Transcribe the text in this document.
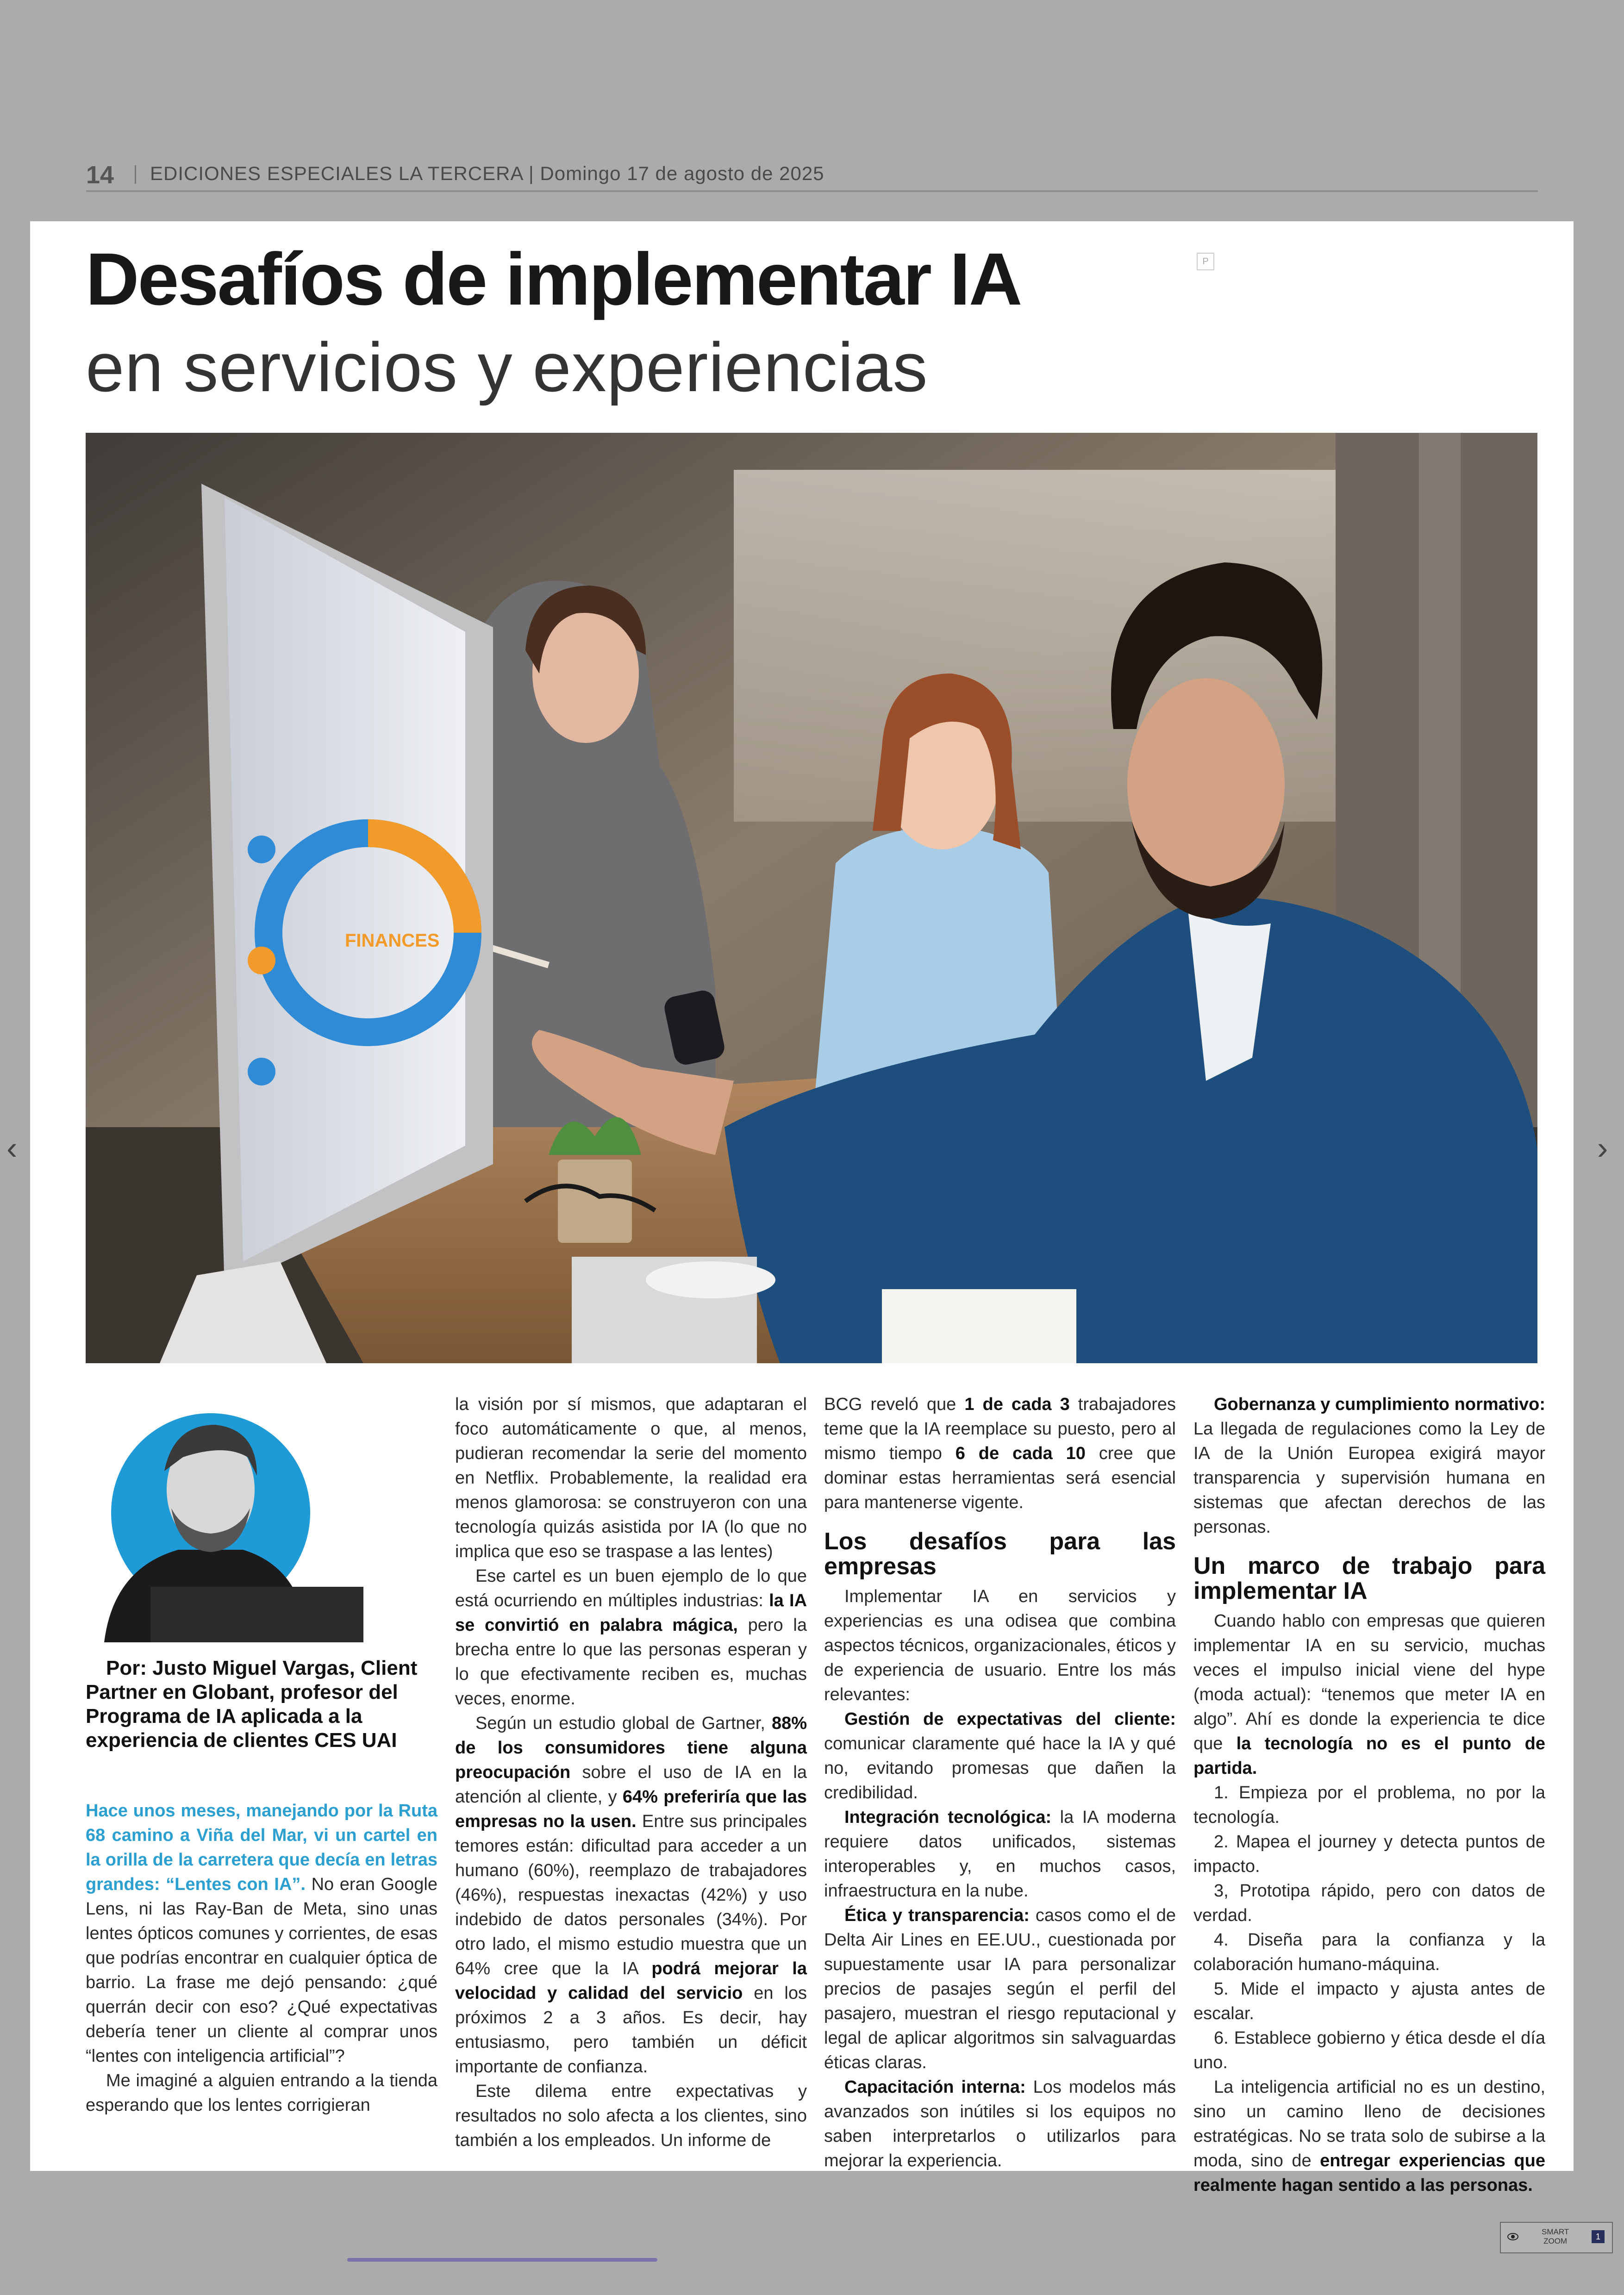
14 EDICIONES ESPECIALES LA TERCERA | Domingo 17 de agosto de 2025
‹	›
Desafíos de implementar IA
en servicios y experiencias
P
FINANCES

Por: Justo Miguel Vargas, Client Partner en Globant, profesor del Programa de IA aplicada a la experiencia de clientes CES UAI

Hace unos meses, manejando por la Ruta 68 camino a Viña del Mar, vi un cartel en la orilla de la carretera que decía en letras grandes: “Lentes con IA”. No eran Google Lens, ni las Ray-Ban de Meta, sino unas lentes ópticos comunes y corrientes, de esas que podrías encontrar en cualquier óptica de barrio. La frase me dejó pensando: ¿qué querrán decir con eso? ¿Qué expectativas debería tener un cliente al comprar unos “lentes con inteligencia artificial”?

Me imaginé a alguien entrando a la tienda esperando que los lentes corrigieran

la visión por sí mismos, que adaptaran el foco automáticamente o que, al menos, pudieran recomendar la serie del momento en Netflix. Probablemente, la realidad era menos glamorosa: se construyeron con una tecnología quizás asistida por IA (lo que no implica que eso se traspase a las lentes)

Ese cartel es un buen ejemplo de lo que está ocurriendo en múltiples industrias: la IA se convirtió en palabra mágica, pero la brecha entre lo que las personas esperan y lo que efectivamente reciben es, muchas veces, enorme.

Según un estudio global de Gartner, 88% de los consumidores tiene alguna preocupación sobre el uso de IA en la atención al cliente, y 64% preferiría que las empresas no la usen. Entre sus principales temores están: dificultad para acceder a un humano (60%), reemplazo de trabajadores (46%), respuestas inexactas (42%) y uso indebido de datos personales (34%). Por otro lado, el mismo estudio muestra que un 64% cree que la IA podrá mejorar la velocidad y calidad del servicio en los próximos 2 a 3 años. Es decir, hay entusiasmo, pero también un déficit importante de confianza.

Este dilema entre expectativas y resultados no solo afecta a los clientes, sino también a los empleados. Un informe de

BCG reveló que 1 de cada 3 trabajadores teme que la IA reemplace su puesto, pero al mismo tiempo 6 de cada 10 cree que dominar estas herramientas será esencial para mantenerse vigente.

Los desafíos para las empresas

Implementar IA en servicios y experiencias es una odisea que combina aspectos técnicos, organizacionales, éticos y de experiencia de usuario. Entre los más relevantes:

Gestión de expectativas del cliente: comunicar claramente qué hace la IA y qué no, evitando promesas que dañen la credibilidad.

Integración tecnológica: la IA moderna requiere datos unificados, sistemas interoperables y, en muchos casos, infraestructura en la nube.

Ética y transparencia: casos como el de Delta Air Lines en EE.UU., cuestionada por supuestamente usar IA para personalizar precios de pasajes según el perfil del pasajero, muestran el riesgo reputacional y legal de aplicar algoritmos sin salvaguardas éticas claras.

Capacitación interna: Los modelos más avanzados son inútiles si los equipos no saben interpretarlos o utilizarlos para mejorar la experiencia.

Gobernanza y cumplimiento normativo: La llegada de regulaciones como la Ley de IA de la Unión Europea exigirá mayor transparencia y supervisión humana en sistemas que afectan derechos de las personas.

Un marco de trabajo para implementar IA

Cuando hablo con empresas que quieren implementar IA en su servicio, muchas veces el impulso inicial viene del hype (moda actual): “tenemos que meter IA en algo”. Ahí es donde la experiencia te dice que la tecnología no es el punto de partida.

1. Empieza por el problema, no por la tecnología.

2. Mapea el journey y detecta puntos de impacto.

3, Prototipa rápido, pero con datos de verdad.

4. Diseña para la confianza y la colaboración humano-máquina.

5. Mide el impacto y ajusta antes de escalar.

6. Establece gobierno y ética desde el día uno.

La inteligencia artificial no es un destino, sino un camino lleno de decisiones estratégicas. No se trata solo de subirse a la moda, sino de entregar experiencias que realmente hagan sentido a las personas.

SMART
ZOOM	1
